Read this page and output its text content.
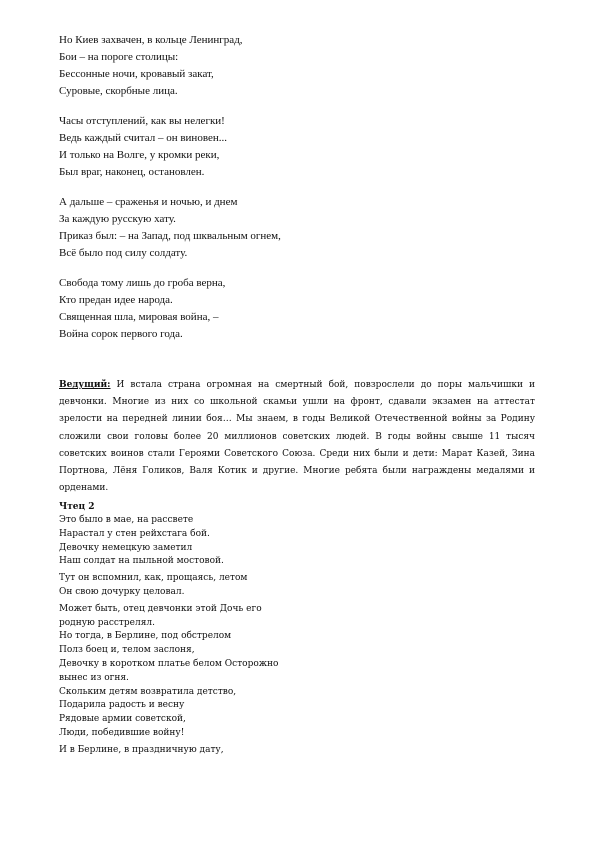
Но Киев захвачен, в кольце Ленинград,
Бои – на пороге столицы:
Бессонные ночи, кровавый закат,
Суровые, скорбные лица.
Часы отступлений, как вы нелегки!
Ведь каждый считал – он виновен...
И только на Волге, у кромки реки,
Был враг, наконец, остановлен.
А дальше – сраженья и ночью, и днем
За каждую русскую хату.
Приказ был: – на Запад, под шквальным огнем,
Всё было под силу солдату.
Свобода тому лишь до гроба верна,
Кто предан идее народа.
Священная шла, мировая война, –
Война сорок первого года.
Ведущий: И встала страна огромная на смертный бой, повзрослели до поры мальчишки и девчонки. Многие из них со школьной скамьи ушли на фронт, сдавали экзамен на аттестат зрелости на передней линии боя… Мы знаем, в годы Великой Отечественной войны за Родину сложили свои головы более 20 миллионов советских людей. В годы войны свыше 11 тысяч советских воинов стали Героями Советского Союза. Среди них были и дети: Марат Казей, Зина Портнова, Лёня Голиков, Валя Котик и другие. Многие ребята были награждены медалями и орденами.
Чтец 2
Это было в мае, на рассвете
Нарастал у стен рейхстага бой.
Девочку немецкую заметил
Наш солдат на пыльной мостовой.
Тут он вспомнил, как, прощаясь, летом
Он свою дочурку целовал.
Может быть, отец девчонки этой Дочь его
родную расстрелял.
Но тогда, в Берлине, под обстрелом
Полз боец и, телом заслоня,
Девочку в коротком платье белом Осторожно
вынес из огня.
Скольким детям возвратила детство,
Подарила радость и весну
Рядовые армии советской,
Люди, победившие войну!
И в Берлине, в праздничную дату,
